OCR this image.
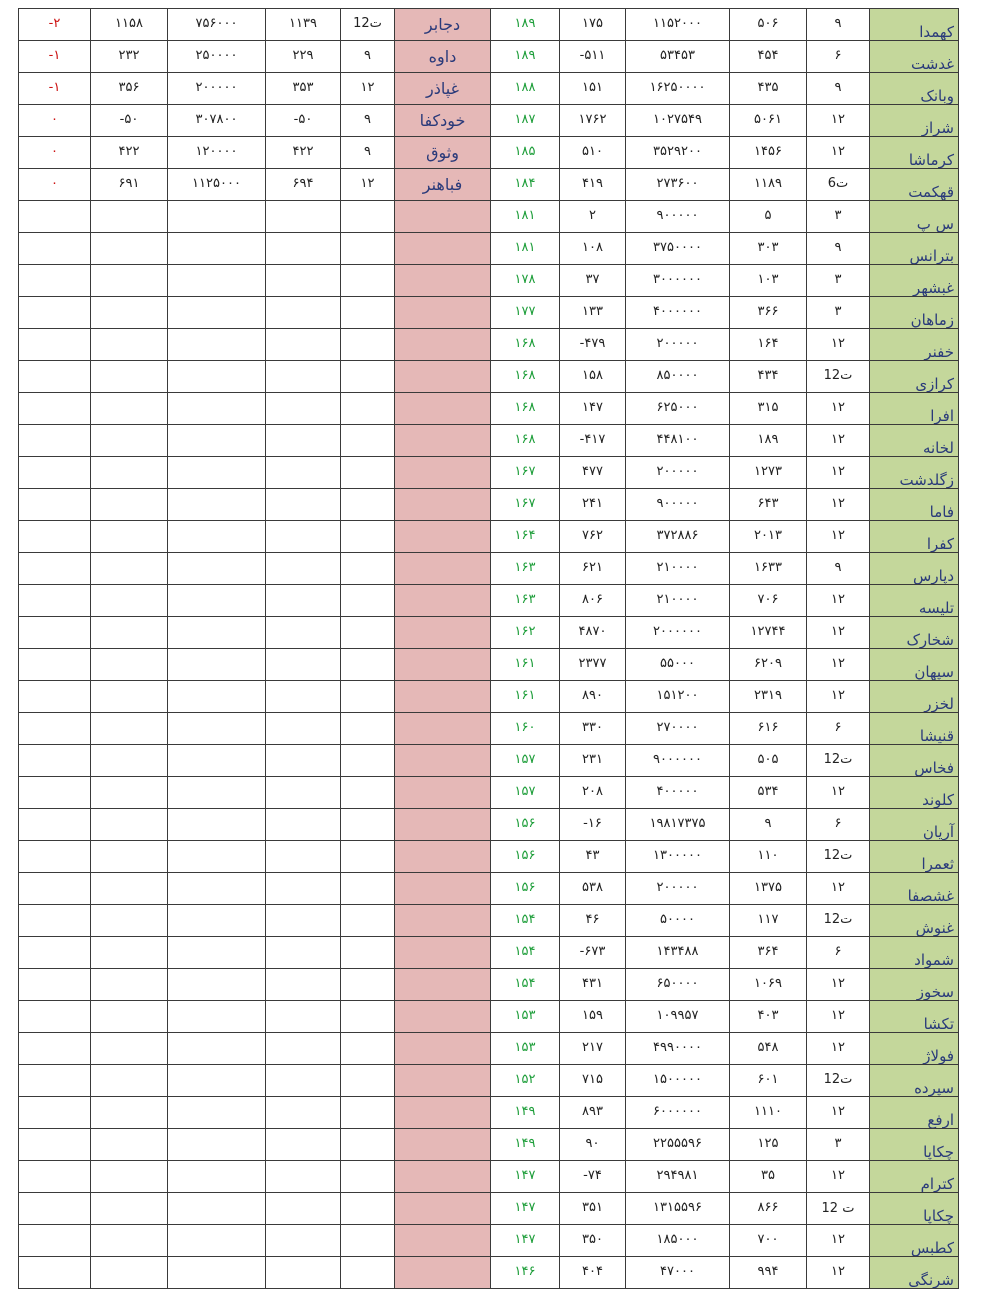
-۲	۱۱۵۸	۷۵۶۰۰۰	۱۱۳۹	12ت	دجابر	۱۸۹	۱۷۵	۱۱۵۲۰۰۰	۵۰۶	۹	کهمدا
-۱	۲۳۲	۲۵۰۰۰۰	۲۲۹	۹	داوه	۱۸۹	-۵۱۱	۵۳۴۵۳	۴۵۴	۶	غدشت
-۱	۳۵۶	۲۰۰۰۰۰	۳۵۳	۱۲	غپاذر	۱۸۸	۱۵۱	۱۶۲۵۰۰۰۰	۴۳۵	۹	وبانک
۰	-۵۰	۳۰۷۸۰۰	-۵۰	۹	خودکفا	۱۸۷	۱۷۶۲	۱۰۲۷۵۴۹	۵۰۶۱	۱۲	شراز
۰	۴۲۲	۱۲۰۰۰۰	۴۲۲	۹	وثوق	۱۸۵	۵۱۰	۳۵۲۹۲۰۰	۱۴۵۶	۱۲	کرماشا
۰	۶۹۱	۱۱۲۵۰۰۰	۶۹۴	۱۲	فباهنر	۱۸۴	۴۱۹	۲۷۳۶۰۰	۱۱۸۹	6ت	قهکمت
						۱۸۱	۲	۹۰۰۰۰۰	۵	۳	س پ
						۱۸۱	۱۰۸	۳۷۵۰۰۰۰	۳۰۳	۹	بترانس
						۱۷۸	۳۷	۳۰۰۰۰۰۰	۱۰۳	۳	غبشهر
						۱۷۷	۱۳۳	۴۰۰۰۰۰۰	۳۶۶	۳	زماهان
						۱۶۸	-۴۷۹	۲۰۰۰۰۰	۱۶۴	۱۲	خفنر
						۱۶۸	۱۵۸	۸۵۰۰۰۰	۴۳۴	12ت	کرازی
						۱۶۸	۱۴۷	۶۲۵۰۰۰	۳۱۵	۱۲	افرا
						۱۶۸	-۴۱۷	۴۴۸۱۰۰	۱۸۹	۱۲	لخانه
						۱۶۷	۴۷۷	۲۰۰۰۰۰	۱۲۷۳	۱۲	زگلدشت
						۱۶۷	۲۴۱	۹۰۰۰۰۰	۶۴۳	۱۲	فاما
						۱۶۴	۷۶۲	۳۷۲۸۸۶	۲۰۱۳	۱۲	کفرا
						۱۶۳	۶۲۱	۲۱۰۰۰۰	۱۶۳۳	۹	دپارس
						۱۶۳	۸۰۶	۲۱۰۰۰۰	۷۰۶	۱۲	تلیسه
						۱۶۲	۴۸۷۰	۲۰۰۰۰۰۰	۱۲۷۴۴	۱۲	شخارک
						۱۶۱	۲۳۷۷	۵۵۰۰۰	۶۲۰۹	۱۲	سپهان
						۱۶۱	۸۹۰	۱۵۱۲۰۰	۲۳۱۹	۱۲	لخزر
						۱۶۰	۳۳۰	۲۷۰۰۰۰	۶۱۶	۶	قنیشا
						۱۵۷	۲۳۱	۹۰۰۰۰۰۰	۵۰۵	12ت	فخاس
						۱۵۷	۲۰۸	۴۰۰۰۰۰	۵۳۴	۱۲	کلوند
						۱۵۶	-۱۶	۱۹۸۱۷۳۷۵	۹	۶	آریان
						۱۵۶	۴۳	۱۳۰۰۰۰۰	۱۱۰	12ت	ثعمرا
						۱۵۶	۵۳۸	۲۰۰۰۰۰	۱۳۷۵	۱۲	غشصفا
						۱۵۴	۴۶	۵۰۰۰۰	۱۱۷	12ت	غنوش
						۱۵۴	-۶۷۳	۱۴۳۴۸۸	۳۶۴	۶	شمواد
						۱۵۴	۴۳۱	۶۵۰۰۰۰	۱۰۶۹	۱۲	سخوز
						۱۵۳	۱۵۹	۱۰۹۹۵۷	۴۰۳	۱۲	تکشا
						۱۵۳	۲۱۷	۴۹۹۰۰۰۰	۵۴۸	۱۲	فولاژ
						۱۵۲	۷۱۵	۱۵۰۰۰۰۰	۶۰۱	12ت	سپرده
						۱۴۹	۸۹۳	۶۰۰۰۰۰۰	۱۱۱۰	۱۲	ارفع
						۱۴۹	۹۰	۲۲۵۵۵۹۶	۱۲۵	۳	چکاپا
						۱۴۷	-۷۴	۲۹۴۹۸۱	۳۵	۱۲	کترام
						۱۴۷	۳۵۱	۱۳۱۵۵۹۶	۸۶۶	12 ت	چکاپا
						۱۴۷	۳۵۰	۱۸۵۰۰۰	۷۰۰	۱۲	کطبس
						۱۴۶	۴۰۴	۴۷۰۰۰	۹۹۴	۱۲	شرنگی
